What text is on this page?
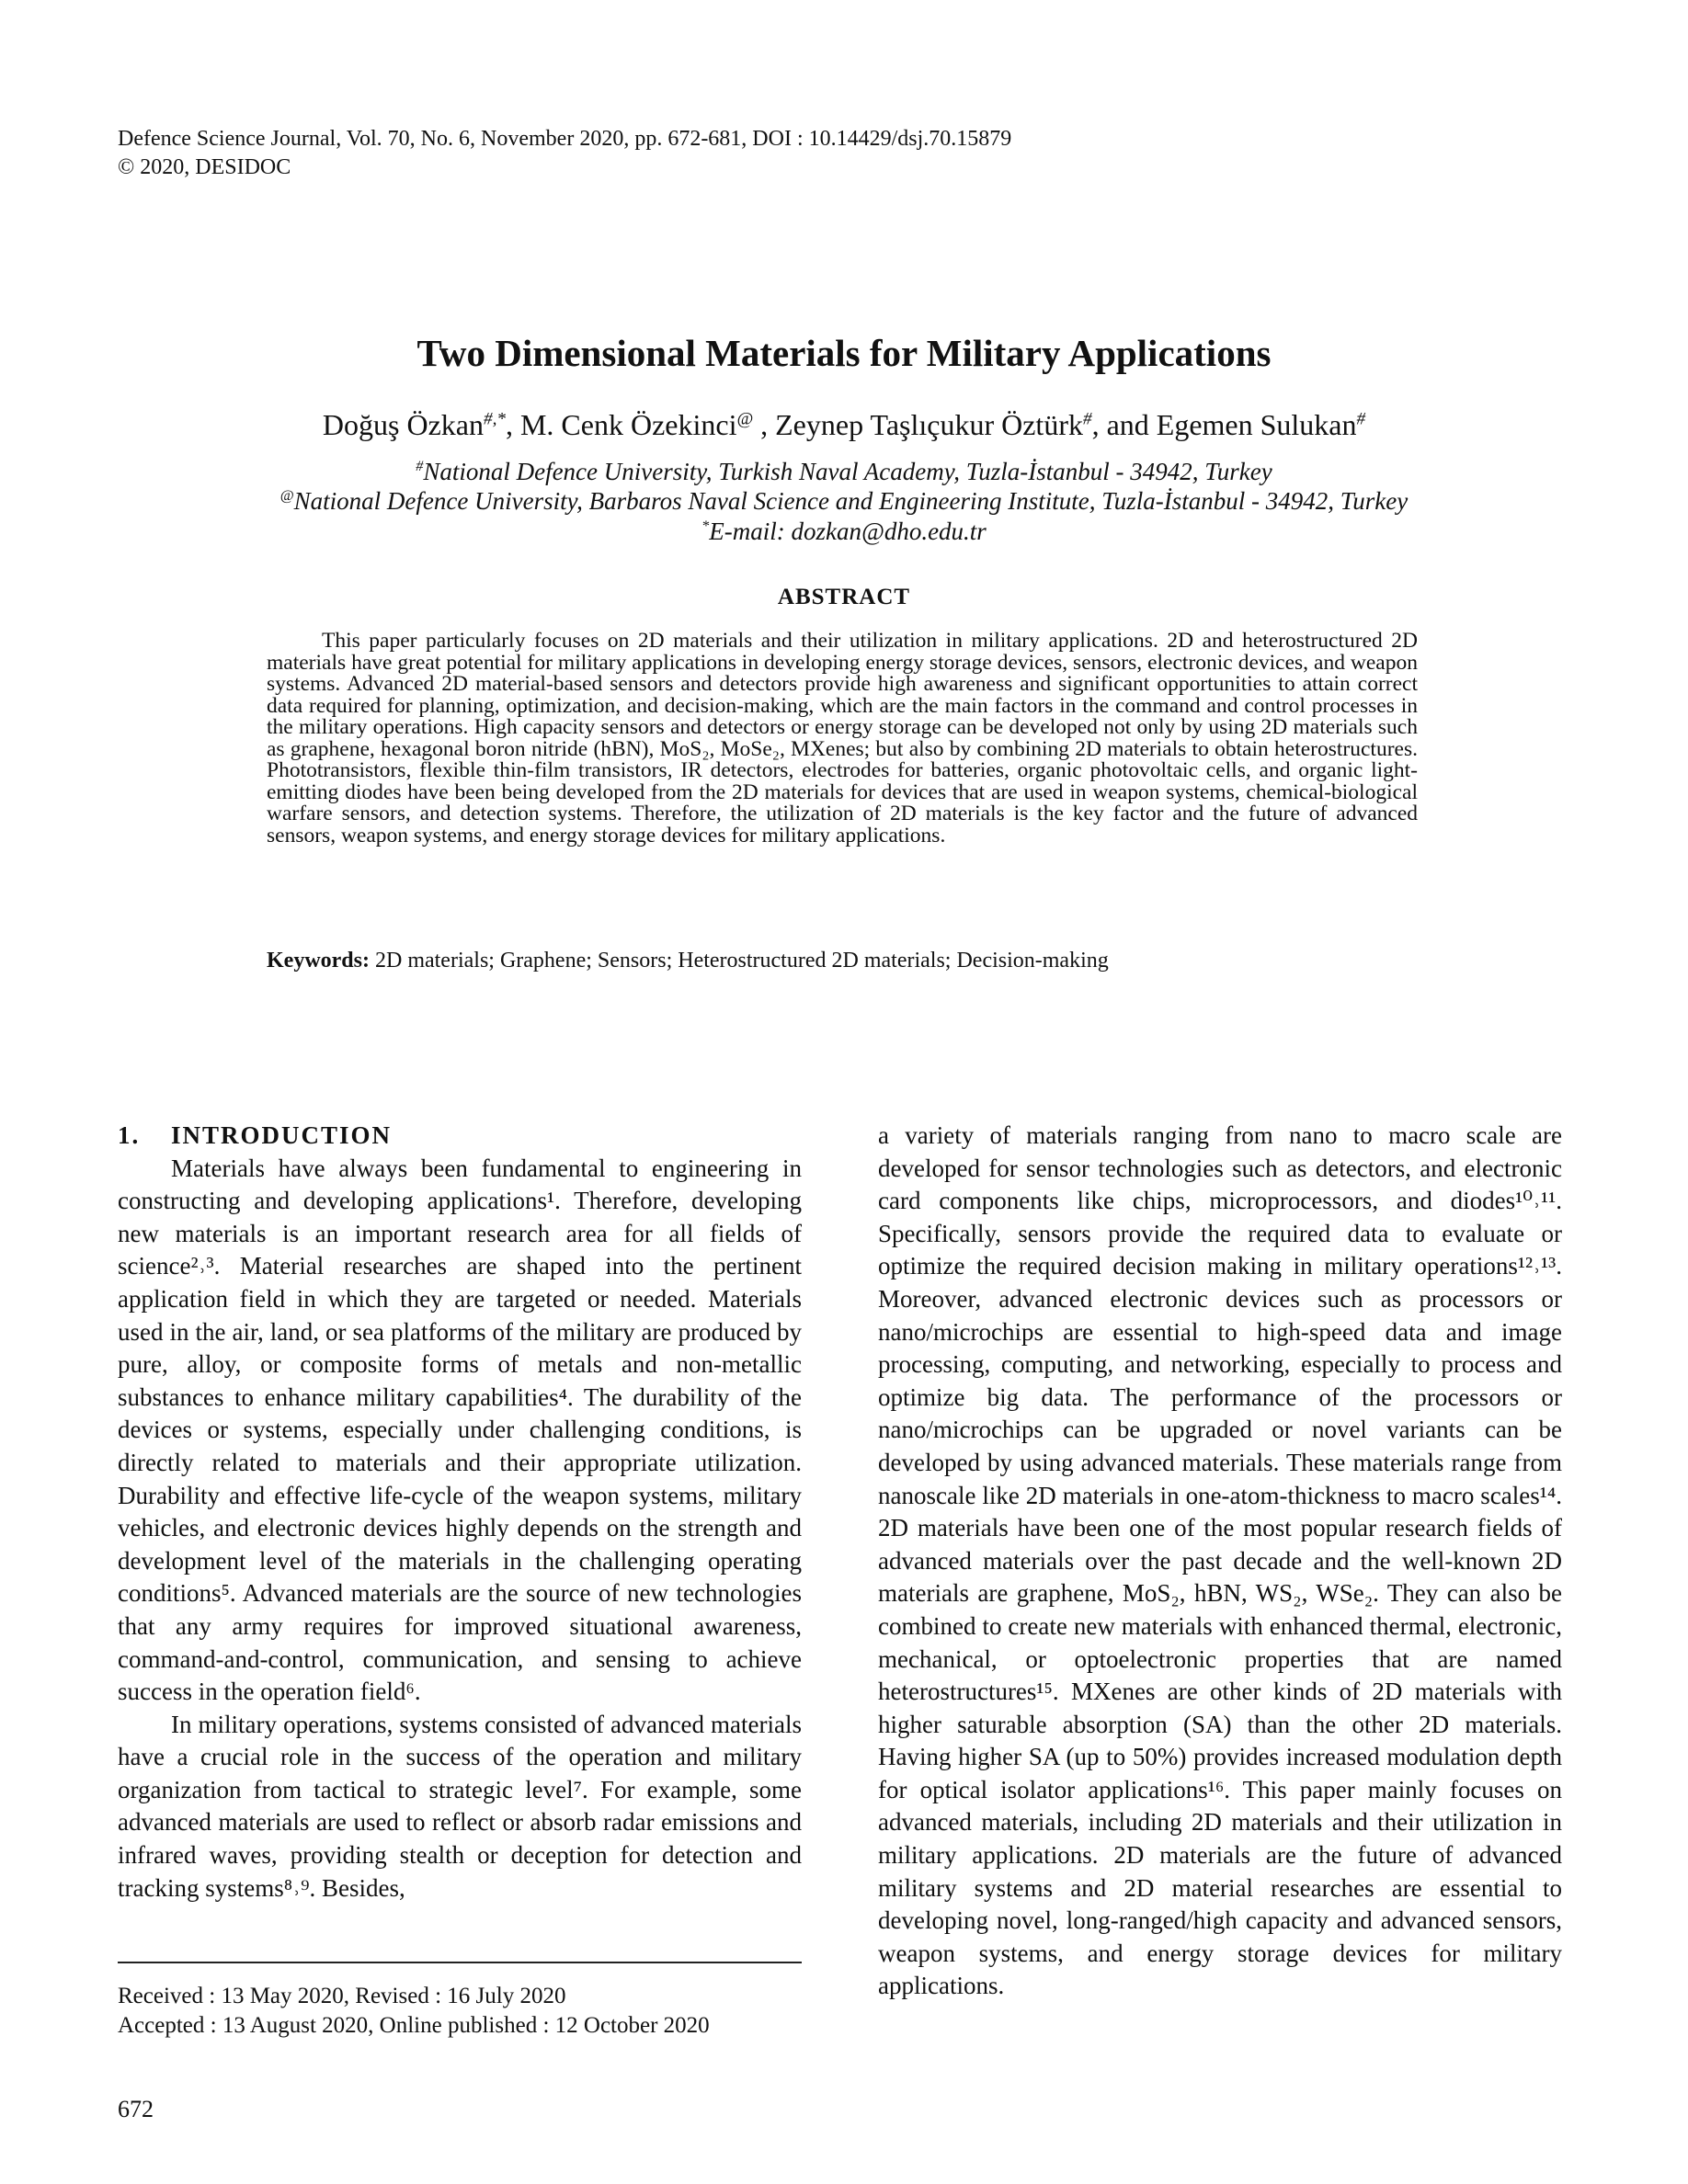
Defence Science Journal, Vol. 70, No. 6, November 2020, pp. 672-681, DOI : 10.14429/dsj.70.15879
© 2020, DESIDOC
Two Dimensional Materials for Military Applications
Doğuş Özkan#,*, M. Cenk Özekinci@ , Zeynep Taşlıçukur Öztürk#, and Egemen Sulukan#
#National Defence University, Turkish Naval Academy, Tuzla-İstanbul - 34942, Turkey
@National Defence University, Barbaros Naval Science and Engineering Institute, Tuzla-İstanbul - 34942, Turkey
*E-mail: dozkan@dho.edu.tr
ABSTRACT
This paper particularly focuses on 2D materials and their utilization in military applications. 2D and heterostructured 2D materials have great potential for military applications in developing energy storage devices, sensors, electronic devices, and weapon systems. Advanced 2D material-based sensors and detectors provide high awareness and significant opportunities to attain correct data required for planning, optimization, and decision-making, which are the main factors in the command and control processes in the military operations. High capacity sensors and detectors or energy storage can be developed not only by using 2D materials such as graphene, hexagonal boron nitride (hBN), MoS₂, MoSe₂, MXenes; but also by combining 2D materials to obtain heterostructures. Phototransistors, flexible thin-film transistors, IR detectors, electrodes for batteries, organic photovoltaic cells, and organic light-emitting diodes have been being developed from the 2D materials for devices that are used in weapon systems, chemical-biological warfare sensors, and detection systems. Therefore, the utilization of 2D materials is the key factor and the future of advanced sensors, weapon systems, and energy storage devices for military applications.
Keywords: 2D materials; Graphene; Sensors; Heterostructured 2D materials; Decision-making

1. INTRODUCTION

Materials have always been fundamental to engineering in constructing and developing applications¹. Therefore, developing new materials is an important research area for all fields of science²˒³. Material researches are shaped into the pertinent application field in which they are targeted or needed. Materials used in the air, land, or sea platforms of the military are produced by pure, alloy, or composite forms of metals and non-metallic substances to enhance military capabilities⁴. The durability of the devices or systems, especially under challenging conditions, is directly related to materials and their appropriate utilization. Durability and effective life-cycle of the weapon systems, military vehicles, and electronic devices highly depends on the strength and development level of the materials in the challenging operating conditions⁵. Advanced materials are the source of new technologies that any army requires for improved situational awareness, command-and-control, communication, and sensing to achieve success in the operation field⁶.

In military operations, systems consisted of advanced materials have a crucial role in the success of the operation and military organization from tactical to strategic level⁷. For example, some advanced materials are used to reflect or absorb radar emissions and infrared waves, providing stealth or deception for detection and tracking systems⁸˒⁹. Besides,

a variety of materials ranging from nano to macro scale are developed for sensor technologies such as detectors, and electronic card components like chips, microprocessors, and diodes¹⁰˒¹¹. Specifically, sensors provide the required data to evaluate or optimize the required decision making in military operations¹²˒¹³. Moreover, advanced electronic devices such as processors or nano/microchips are essential to high-speed data and image processing, computing, and networking, especially to process and optimize big data. The performance of the processors or nano/microchips can be upgraded or novel variants can be developed by using advanced materials. These materials range from nanoscale like 2D materials in one-atom-thickness to macro scales¹⁴. 2D materials have been one of the most popular research fields of advanced materials over the past decade and the well-known 2D materials are graphene, MoS₂, hBN, WS₂, WSe₂. They can also be combined to create new materials with enhanced thermal, electronic, mechanical, or optoelectronic properties that are named heterostructures¹⁵. MXenes are other kinds of 2D materials with higher saturable absorption (SA) than the other 2D materials. Having higher SA (up to 50%) provides increased modulation depth for optical isolator applications¹⁶. This paper mainly focuses on advanced materials, including 2D materials and their utilization in military applications. 2D materials are the future of advanced military systems and 2D material researches are essential to developing novel, long-ranged/high capacity and advanced sensors, weapon systems, and energy storage devices for military applications.

Received : 13 May 2020, Revised : 16 July 2020
Accepted : 13 August 2020, Online published : 12 October 2020
672
